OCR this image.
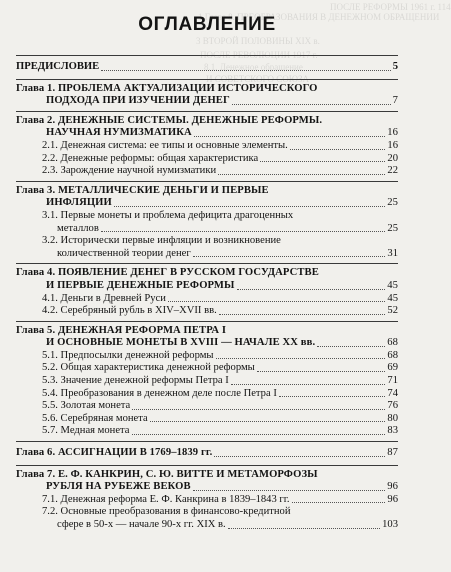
ПОСЛЕ РЕФОРМЫ 1961 г. 114
1 Глава 8. ПРЕОБРАЗОВАНИЯ В ДЕНЕЖНОМ ОБРАЩЕНИИ
3 ВТОРОЙ ПОЛОВИНЫ XIX в.
ПОСЛЕ РЕВОЛЮЦИИ 1917 г.
8.1. Денежное обращение
И СОВЕТСКОГО СОЮЗА
ОГЛАВЛЕНИЕ
ПРЕДИСЛОВИЕ	5
Глава 1. ПРОБЛЕМА АКТУАЛИЗАЦИИ ИСТОРИЧЕСКОГО
ПОДХОДА ПРИ ИЗУЧЕНИИ ДЕНЕГ	7
Глава 2. ДЕНЕЖНЫЕ СИСТЕМЫ. ДЕНЕЖНЫЕ РЕФОРМЫ.
НАУЧНАЯ НУМИЗМАТИКА	16
2.1. Денежная система: ее типы и основные элементы.	16
2.2. Денежные реформы: общая характеристика	20
2.3. Зарождение научной нумизматики	22
Глава 3. МЕТАЛЛИЧЕСКИЕ ДЕНЬГИ И ПЕРВЫЕ
ИНФЛЯЦИИ	25
3.1. Первые монеты и проблема дефицита драгоценных
металлов	25
3.2. Исторически первые инфляции и возникновение
количественной теории денег	31
Глава 4. ПОЯВЛЕНИЕ ДЕНЕГ В РУССКОМ ГОСУДАРСТВЕ
И ПЕРВЫЕ ДЕНЕЖНЫЕ РЕФОРМЫ	45
4.1. Деньги в Древней Руси	45
4.2. Серебряный рубль в XIV–XVII вв.	52
Глава 5. ДЕНЕЖНАЯ РЕФОРМА ПЕТРА I
И ОСНОВНЫЕ МОНЕТЫ В XVIII — НАЧАЛЕ XX вв.	68
5.1. Предпосылки денежной реформы	68
5.2. Общая характеристика денежной реформы	69
5.3. Значение денежной реформы Петра I	71
5.4. Преобразования в денежном деле после Петра I	74
5.5. Золотая монета	76
5.6. Серебряная монета	80
5.7. Медная монета	83
Глава 6. АССИГНАЦИИ В 1769–1839 гг.	87
Глава 7. Е. Ф. КАНКРИН, С. Ю. ВИТТЕ И МЕТАМОРФОЗЫ
РУБЛЯ НА РУБЕЖЕ ВЕКОВ	96
7.1. Денежная реформа Е. Ф. Канкрина в 1839–1843 гг.	96
7.2. Основные преобразования в финансово-кредитной
сфере в 50-х — начале 90-х гг. XIX в.	103
